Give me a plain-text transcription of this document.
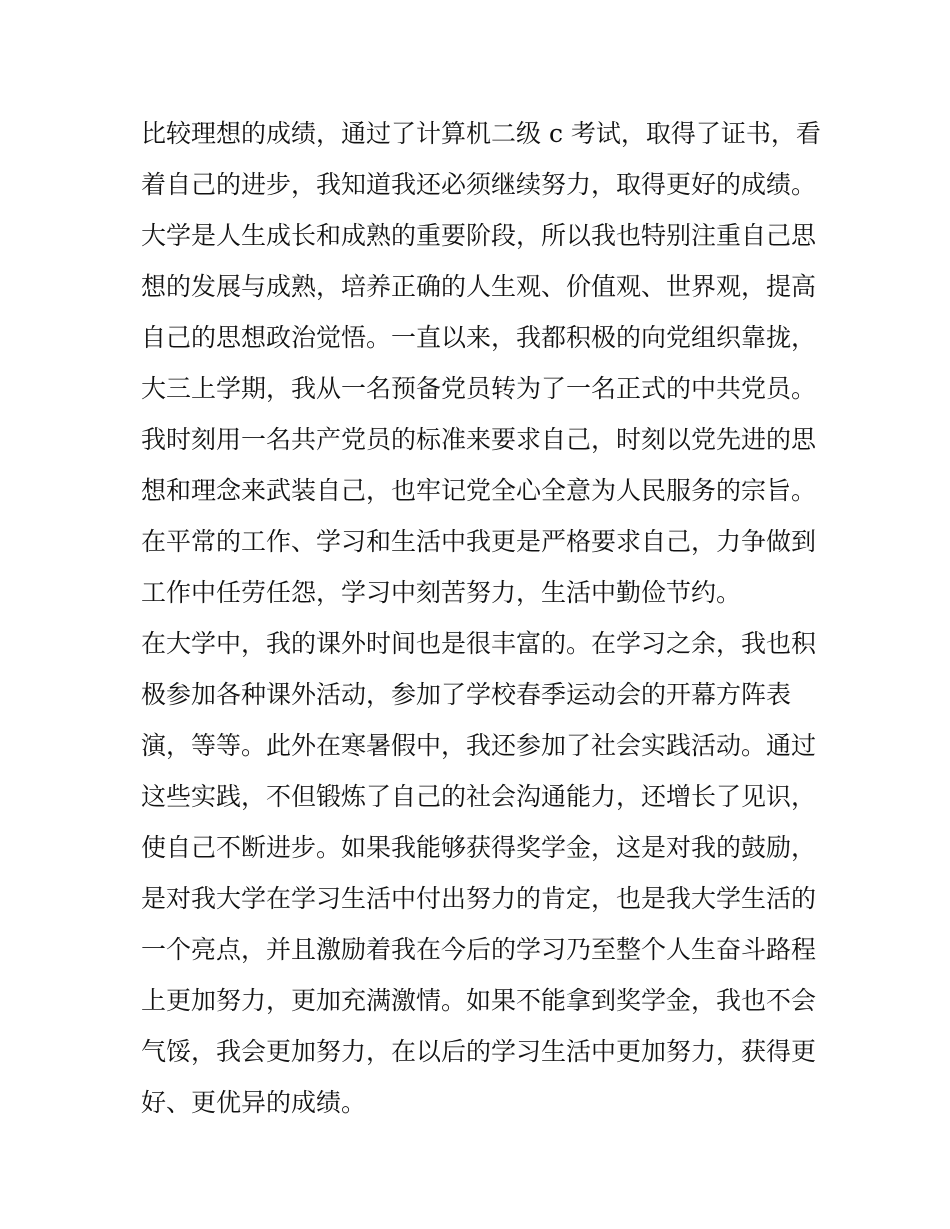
比较理想的成绩，通过了计算机二级 c 考试，取得了证书，看
着自己的进步，我知道我还必须继续努力，取得更好的成绩。
大学是人生成长和成熟的重要阶段，所以我也特别注重自己思
想的发展与成熟，培养正确的人生观、价值观、世界观，提高
自己的思想政治觉悟。一直以来，我都积极的向党组织靠拢，
大三上学期，我从一名预备党员转为了一名正式的中共党员。
我时刻用一名共产党员的标准来要求自己，时刻以党先进的思
想和理念来武装自己，也牢记党全心全意为人民服务的宗旨。
在平常的工作、学习和生活中我更是严格要求自己，力争做到
工作中任劳任怨，学习中刻苦努力，生活中勤俭节约。
在大学中，我的课外时间也是很丰富的。在学习之余，我也积
极参加各种课外活动，参加了学校春季运动会的开幕方阵表
演，等等。此外在寒暑假中，我还参加了社会实践活动。通过
这些实践，不但锻炼了自己的社会沟通能力，还增长了见识，
使自己不断进步。如果我能够获得奖学金，这是对我的鼓励，
是对我大学在学习生活中付出努力的肯定，也是我大学生活的
一个亮点，并且激励着我在今后的学习乃至整个人生奋斗路程
上更加努力，更加充满激情。如果不能拿到奖学金，我也不会
气馁，我会更加努力，在以后的学习生活中更加努力，获得更
好、更优异的成绩。
